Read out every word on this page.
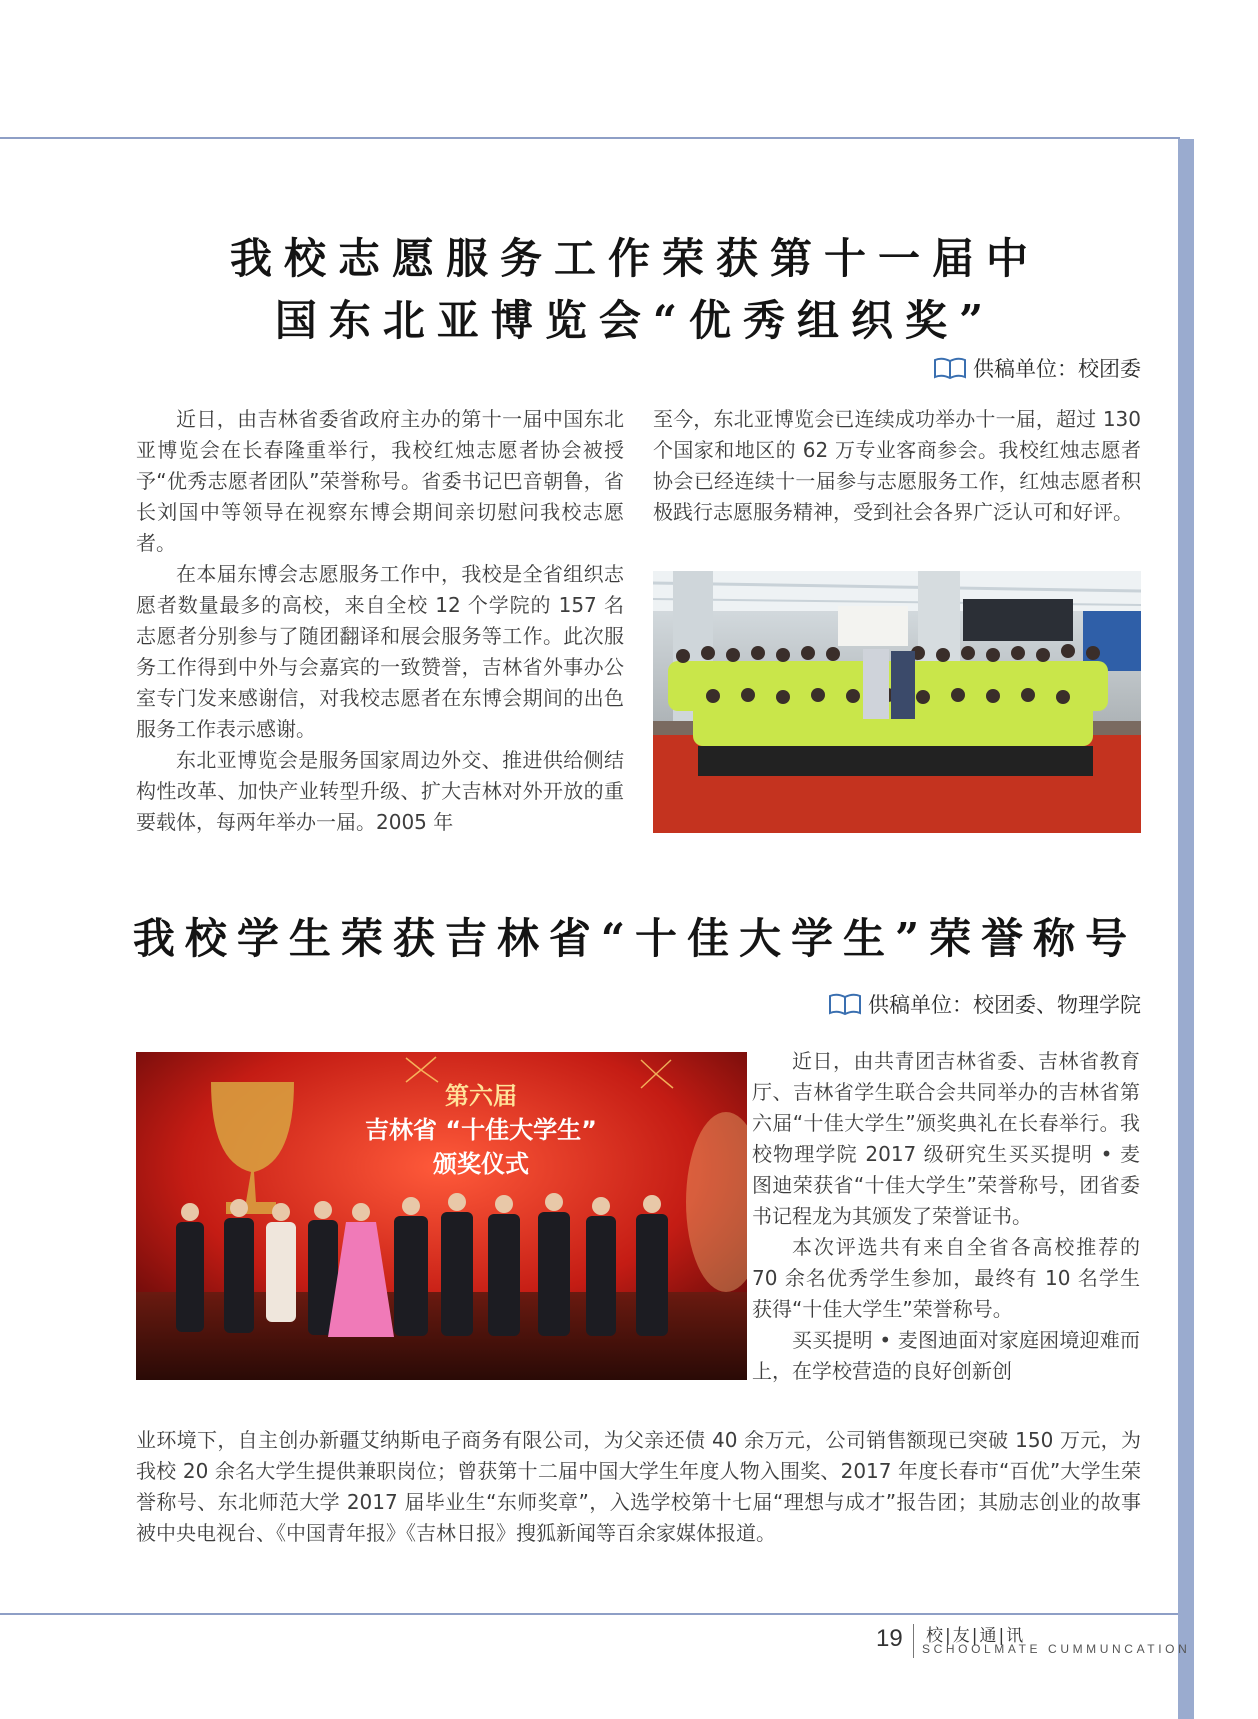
我校志愿服务工作荣获第十一届中
国东北亚博览会“优秀组织奖”
供稿单位：校团委

近日，由吉林省委省政府主办的第十一届中国东北亚博览会在长春隆重举行，我校红烛志愿者协会被授予“优秀志愿者团队”荣誉称号。省委书记巴音朝鲁，省长刘国中等领导在视察东博会期间亲切慰问我校志愿者。

在本届东博会志愿服务工作中，我校是全省组织志愿者数量最多的高校，来自全校 12 个学院的 157 名志愿者分别参与了随团翻译和展会服务等工作。此次服务工作得到中外与会嘉宾的一致赞誉，吉林省外事办公室专门发来感谢信，对我校志愿者在东博会期间的出色服务工作表示感谢。

东北亚博览会是服务国家周边外交、推进供给侧结构性改革、加快产业转型升级、扩大吉林对外开放的重要载体，每两年举办一届。2005 年

至今，东北亚博览会已连续成功举办十一届，超过 130 个国家和地区的 62 万专业客商参会。我校红烛志愿者协会已经连续十一届参与志愿服务工作，红烛志愿者积极践行志愿服务精神，受到社会各界广泛认可和好评。

我校学生荣获吉林省“十佳大学生”荣誉称号
供稿单位：校团委、物理学院
第六届
吉林省 “十佳大学生”
颁奖仪式

近日，由共青团吉林省委、吉林省教育厅、吉林省学生联合会共同举办的吉林省第六届“十佳大学生”颁奖典礼在长春举行。我校物理学院 2017 级研究生买买提明 • 麦图迪荣获省“十佳大学生”荣誉称号，团省委书记程龙为其颁发了荣誉证书。

本次评选共有来自全省各高校推荐的 70 余名优秀学生参加，最终有 10 名学生获得“十佳大学生”荣誉称号。

买买提明 • 麦图迪面对家庭困境迎难而上，在学校营造的良好创新创

业环境下，自主创办新疆艾纳斯电子商务有限公司，为父亲还债 40 余万元，公司销售额现已突破 150 万元，为我校 20 余名大学生提供兼职岗位；曾获第十二届中国大学生年度人物入围奖、2017 年度长春市“百优”大学生荣誉称号、东北师范大学 2017 届毕业生“东师奖章”，入选学校第十七届“理想与成才”报告团；其励志创业的故事被中央电视台、《中国青年报》《吉林日报》搜狐新闻等百余家媒体报道。

19 校|友|通|讯
SCHOOLMATE CUMMUNCATION
